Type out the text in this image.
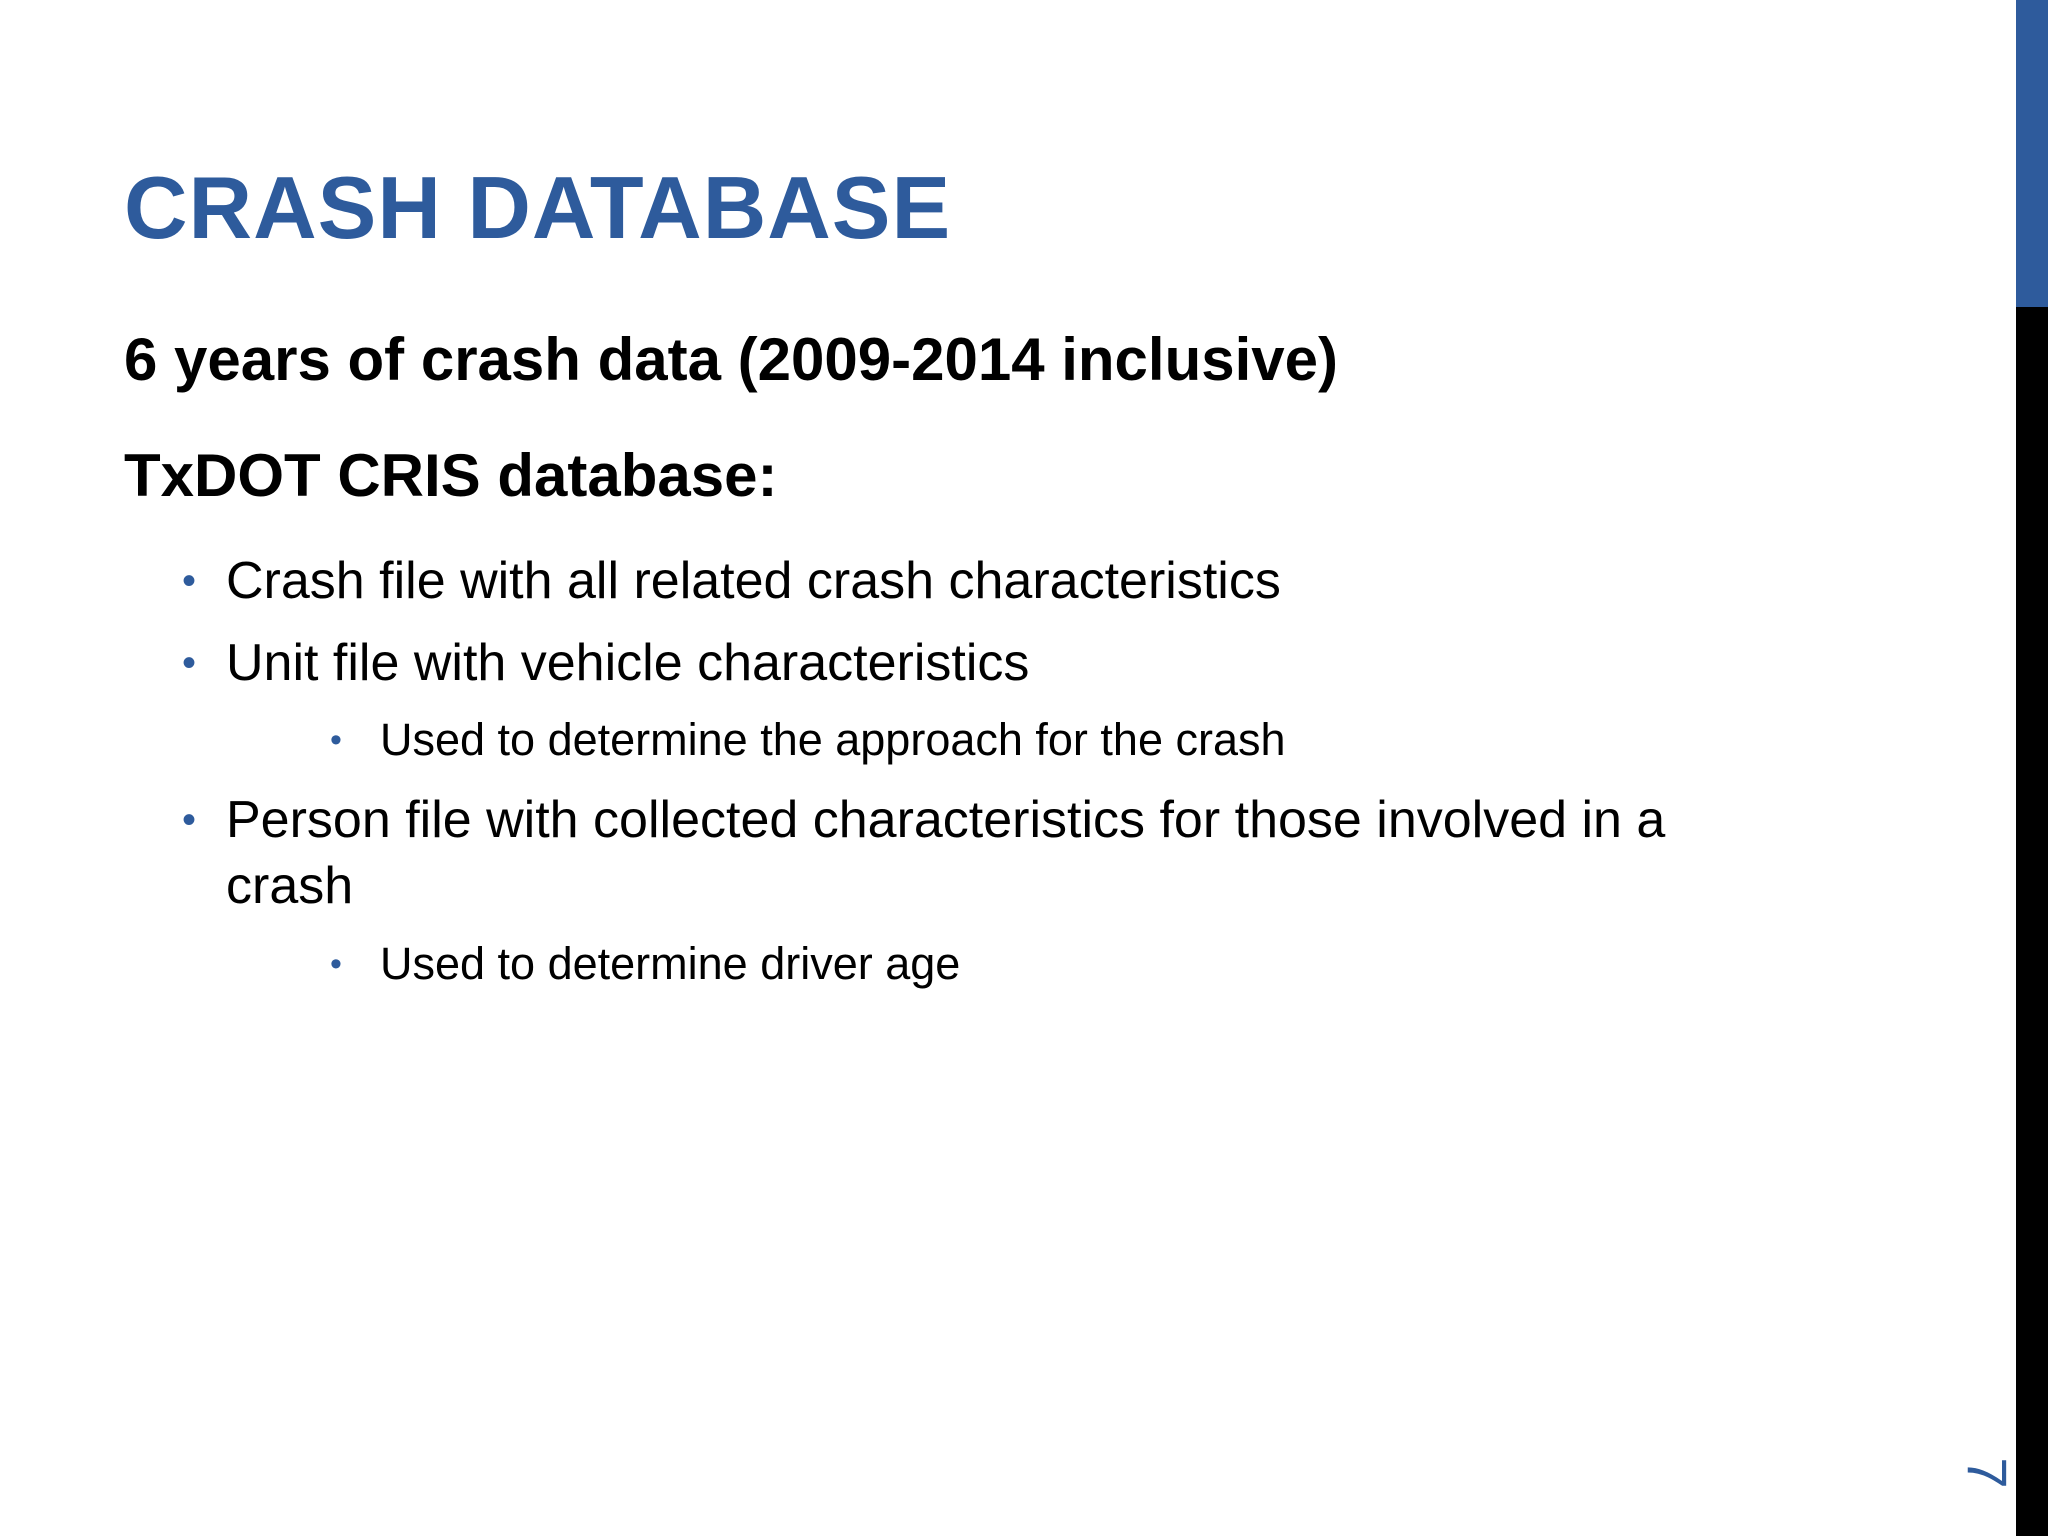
CRASH DATABASE

6 years of crash data (2009-2014 inclusive)

TxDOT CRIS database:

• Crash file with all related crash characteristics
• Unit file with vehicle characteristics
• Used to determine the approach for the crash
• Person file with collected characteristics for those involved in a crash
• Used to determine driver age
7
